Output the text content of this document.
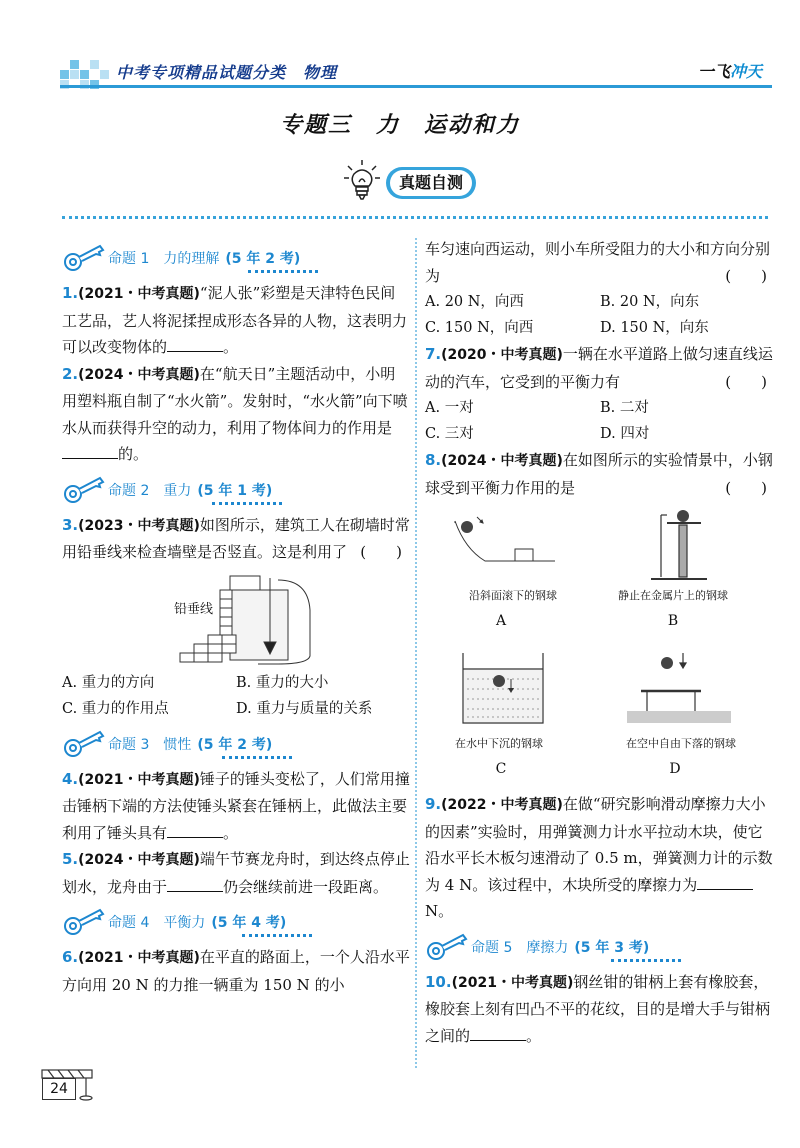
中考专项精品试题分类　物理	一飞冲天
专题三　力　运动和力
真题自测
命题 1　力的理解 (5 年 2 考)
1.(2021・中考真题)“泥人张”彩塑是天津特色民间工艺品，艺人将泥揉捏成形态各异的人物，这表明力可以改变物体的	。
2.(2024・中考真题)在“航天日”主题活动中，小明用塑料瓶自制了“水火箭”。发射时，“水火箭”向下喷水从而获得升空的动力，利用了物体间力的作用是的。
命题 2　重力 (5 年 1 考)
3.(2023・中考真题)如图所示，建筑工人在砌墙时常用铅垂线来检查墙壁是否竖直。这是利用了 (　　)
铅垂线
A. 重力的方向	B. 重力的大小
C. 重力的作用点	D. 重力与质量的关系
命题 3　惯性 (5 年 2 考)
4.(2021・中考真题)锤子的锤头变松了，人们常用撞击锤柄下端的方法使锤头紧套在锤柄上，此做法主要利用了锤头具有	。
5.(2024・中考真题)端午节赛龙舟时，到达终点停止划水，龙舟由于	仍会继续前进一段距离。
命题 4　平衡力 (5 年 4 考)
6.(2021・中考真题)在平直的路面上，一个人沿水平方向用 20 N 的力推一辆重为 150 N 的小
车匀速向西运动，则小车所受阻力的大小和方向分别为	(　　)
A. 20 N，向西	B. 20 N，向东
C. 150 N，向西	D. 150 N，向东
7.(2020・中考真题)一辆在水平道路上做匀速直线运动的汽车，它受到的平衡力有	(　　)
A. 一对	B. 二对
C. 三对	D. 四对
8.(2024・中考真题)在如图所示的实验情景中，小钢球受到平衡力作用的是	(　　)
沿斜面滚下的钢球
A
静止在金属片上的钢球
B
在水中下沉的钢球
C
在空中自由下落的钢球
D
9.(2022・中考真题)在做“研究影响滑动摩擦力大小的因素”实验时，用弹簧测力计水平拉动木块，使它沿水平长木板匀速滑动了 0.5 m，弹簧测力计的示数为 4 N。该过程中，木块所受的摩擦力为N。
命题 5　摩擦力 (5 年 3 考)
10.(2021・中考真题)钢丝钳的钳柄上套有橡胶套，橡胶套上刻有凹凸不平的花纹，目的是增大手与钳柄之间的	。
24
